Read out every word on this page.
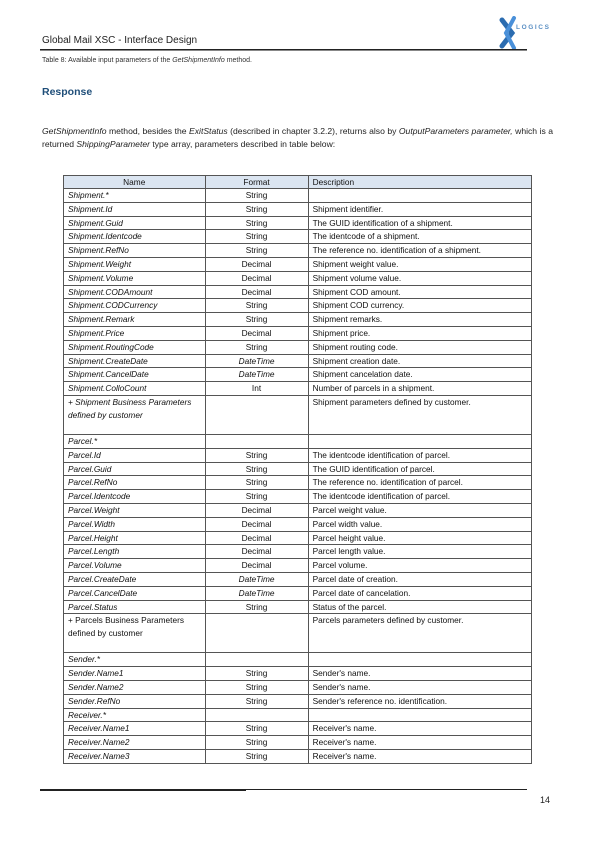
Global Mail XSC - Interface Design
LOGICS
Table 8: Available input parameters of the GetShipmentInfo method.
Response
GetShipmentInfo method, besides the ExitStatus (described in chapter 3.2.2), returns also by OutputParameters parameter, which is a returned ShippingParameter type array, parameters described in table below:
Name	Format	Description
Shipment.*	String	
Shipment.Id	String	Shipment identifier.
Shipment.Guid	String	The GUID identification of a shipment.
Shipment.Identcode	String	The identcode of a shipment.
Shipment.RefNo	String	The reference no. identification of a shipment.
Shipment.Weight	Decimal	Shipment weight value.
Shipment.Volume	Decimal	Shipment volume value.
Shipment.CODAmount	Decimal	Shipment COD amount.
Shipment.CODCurrency	String	Shipment COD currency.
Shipment.Remark	String	Shipment remarks.
Shipment.Price	Decimal	Shipment price.
Shipment.RoutingCode	String	Shipment routing code.
Shipment.CreateDate	DateTime	Shipment creation date.
Shipment.CancelDate	DateTime	Shipment cancelation date.
Shipment.ColloCount	Int	Number of parcels in a shipment.
+ Shipment Business Parameters defined by customer		Shipment parameters defined by customer.
Parcel.*		
Parcel.Id	String	The identcode identification of parcel.
Parcel.Guid	String	The GUID identification of parcel.
Parcel.RefNo	String	The reference no. identification of parcel.
Parcel.Identcode	String	The identcode identification of parcel.
Parcel.Weight	Decimal	Parcel weight value.
Parcel.Width	Decimal	Parcel width value.
Parcel.Height	Decimal	Parcel height value.
Parcel.Length	Decimal	Parcel length value.
Parcel.Volume	Decimal	Parcel volume.
Parcel.CreateDate	DateTime	Parcel date of creation.
Parcel.CancelDate	DateTime	Parcel date of cancelation.
Parcel.Status	String	Status of the parcel.
+ Parcels Business Parameters defined by customer		Parcels parameters defined by customer.
Sender.*		
Sender.Name1	String	Sender's name.
Sender.Name2	String	Sender's name.
Sender.RefNo	String	Sender's reference no. identification.
Receiver.*		
Receiver.Name1	String	Receiver's name.
Receiver.Name2	String	Receiver's name.
Receiver.Name3	String	Receiver's name.
14
